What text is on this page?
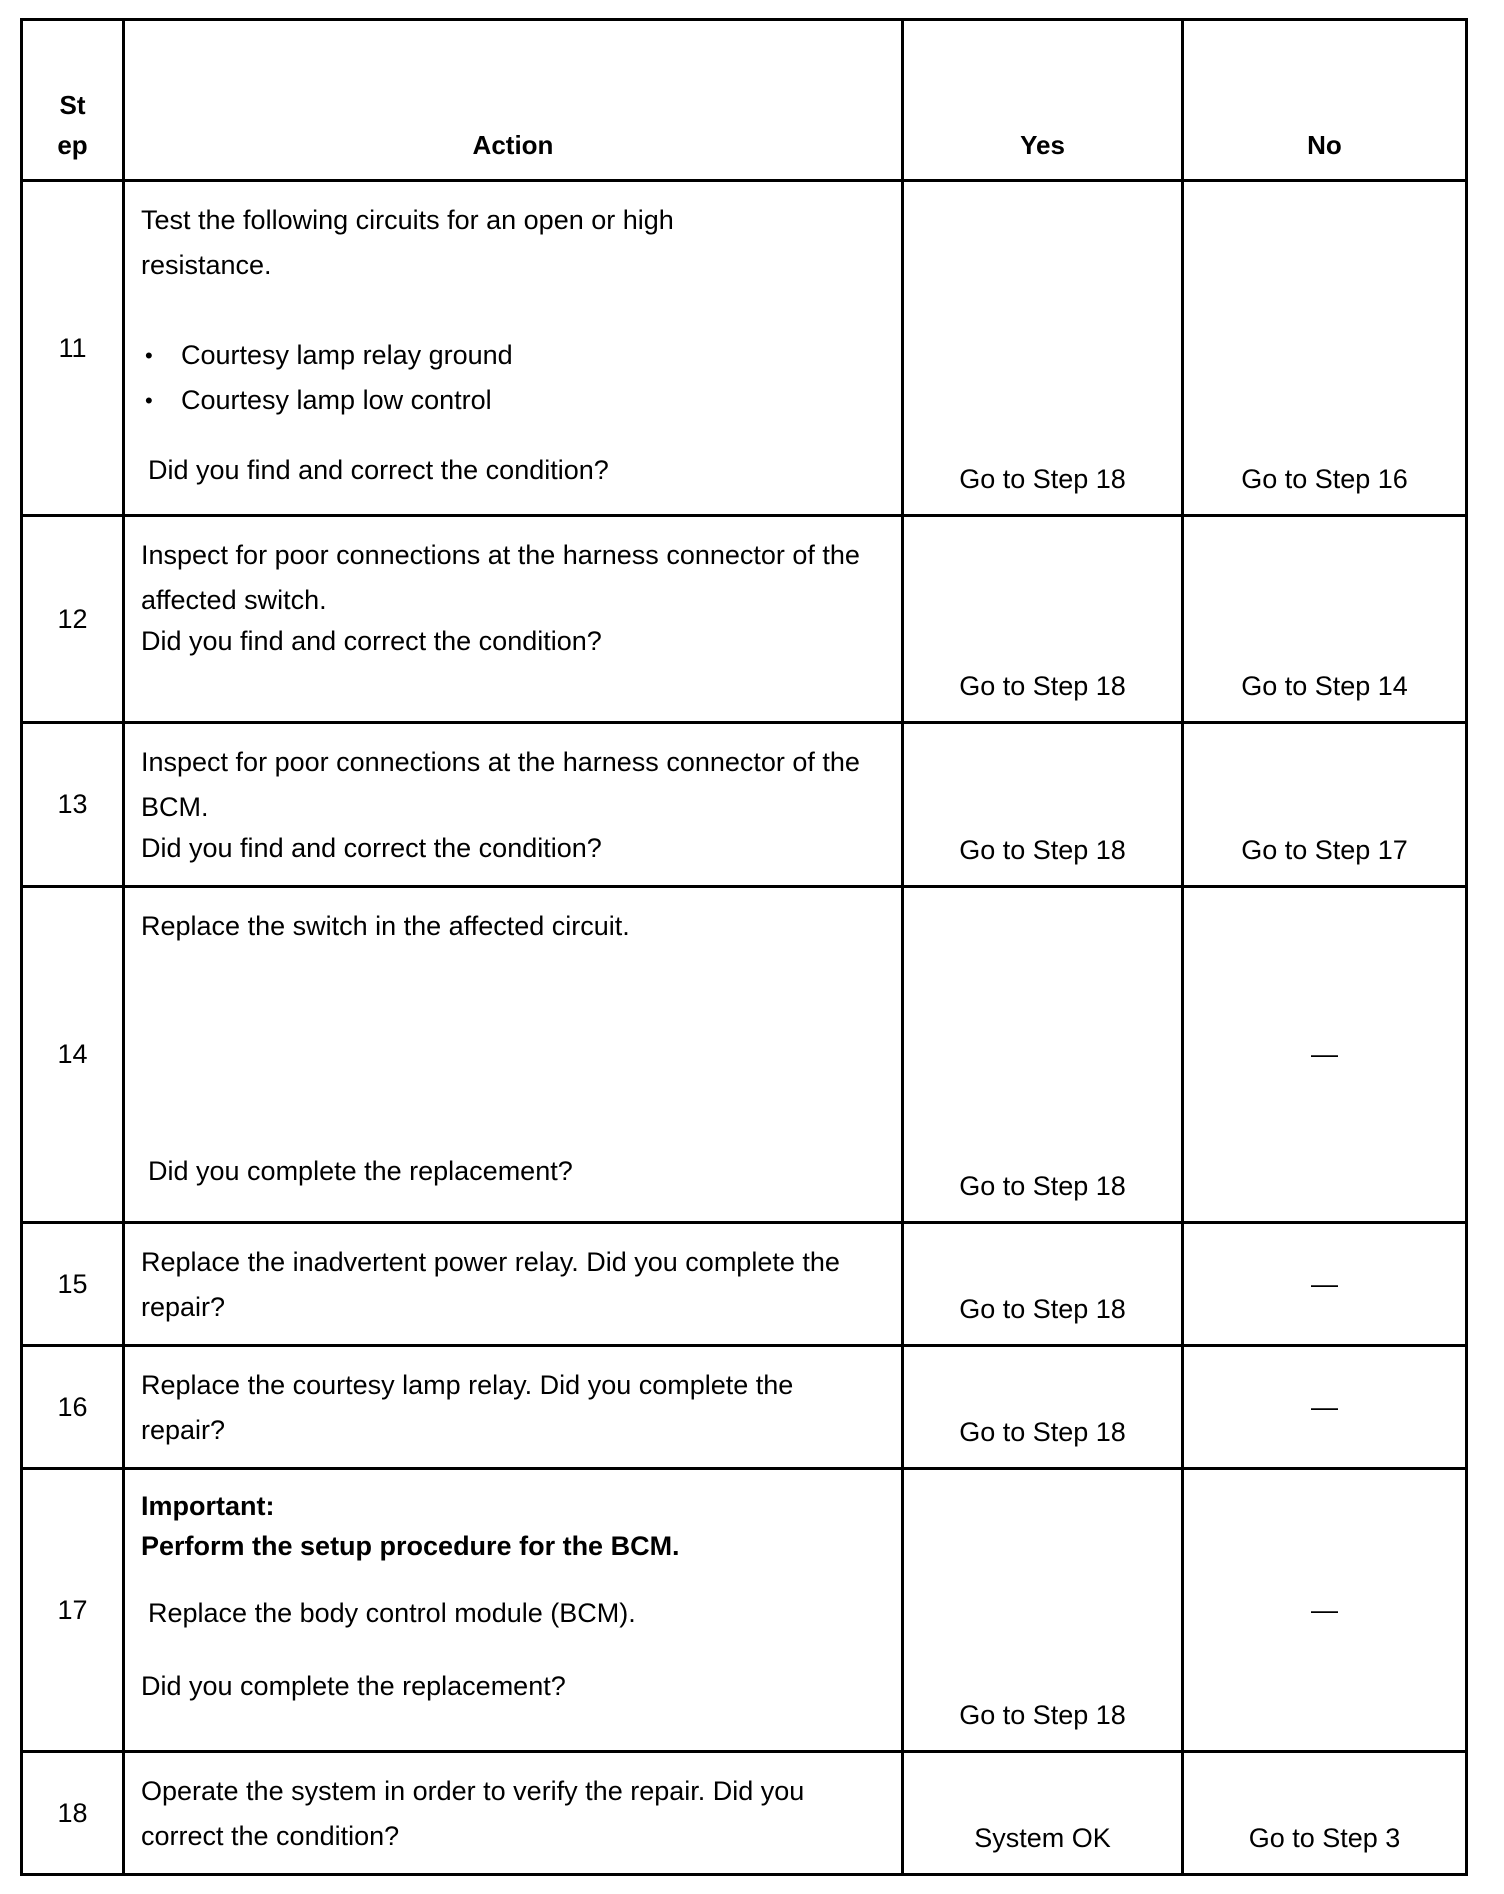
St
ep	Action	Yes	No
11	Test the following circuits for an open or high resistance.
• Courtesy lamp relay ground
• Courtesy lamp low control
Did you find and correct the condition?	Go to Step 18	Go to Step 16
12	Inspect for poor connections at the harness connector of the affected switch.
Did you find and correct the condition?	Go to Step 18	Go to Step 14
13	Inspect for poor connections at the harness connector of the BCM.
Did you find and correct the condition?	Go to Step 18	Go to Step 17
14	Replace the switch in the affected circuit.
Did you complete the replacement?	Go to Step 18	—
15	Replace the inadvertent power relay. Did you complete the repair?	Go to Step 18	—
16	Replace the courtesy lamp relay. Did you complete the repair?	Go to Step 18	—
17	Important:
Perform the setup procedure for the BCM.
Replace the body control module (BCM).
Did you complete the replacement?	Go to Step 18	—
18	Operate the system in order to verify the repair. Did you correct the condition?	System OK	Go to Step 3
